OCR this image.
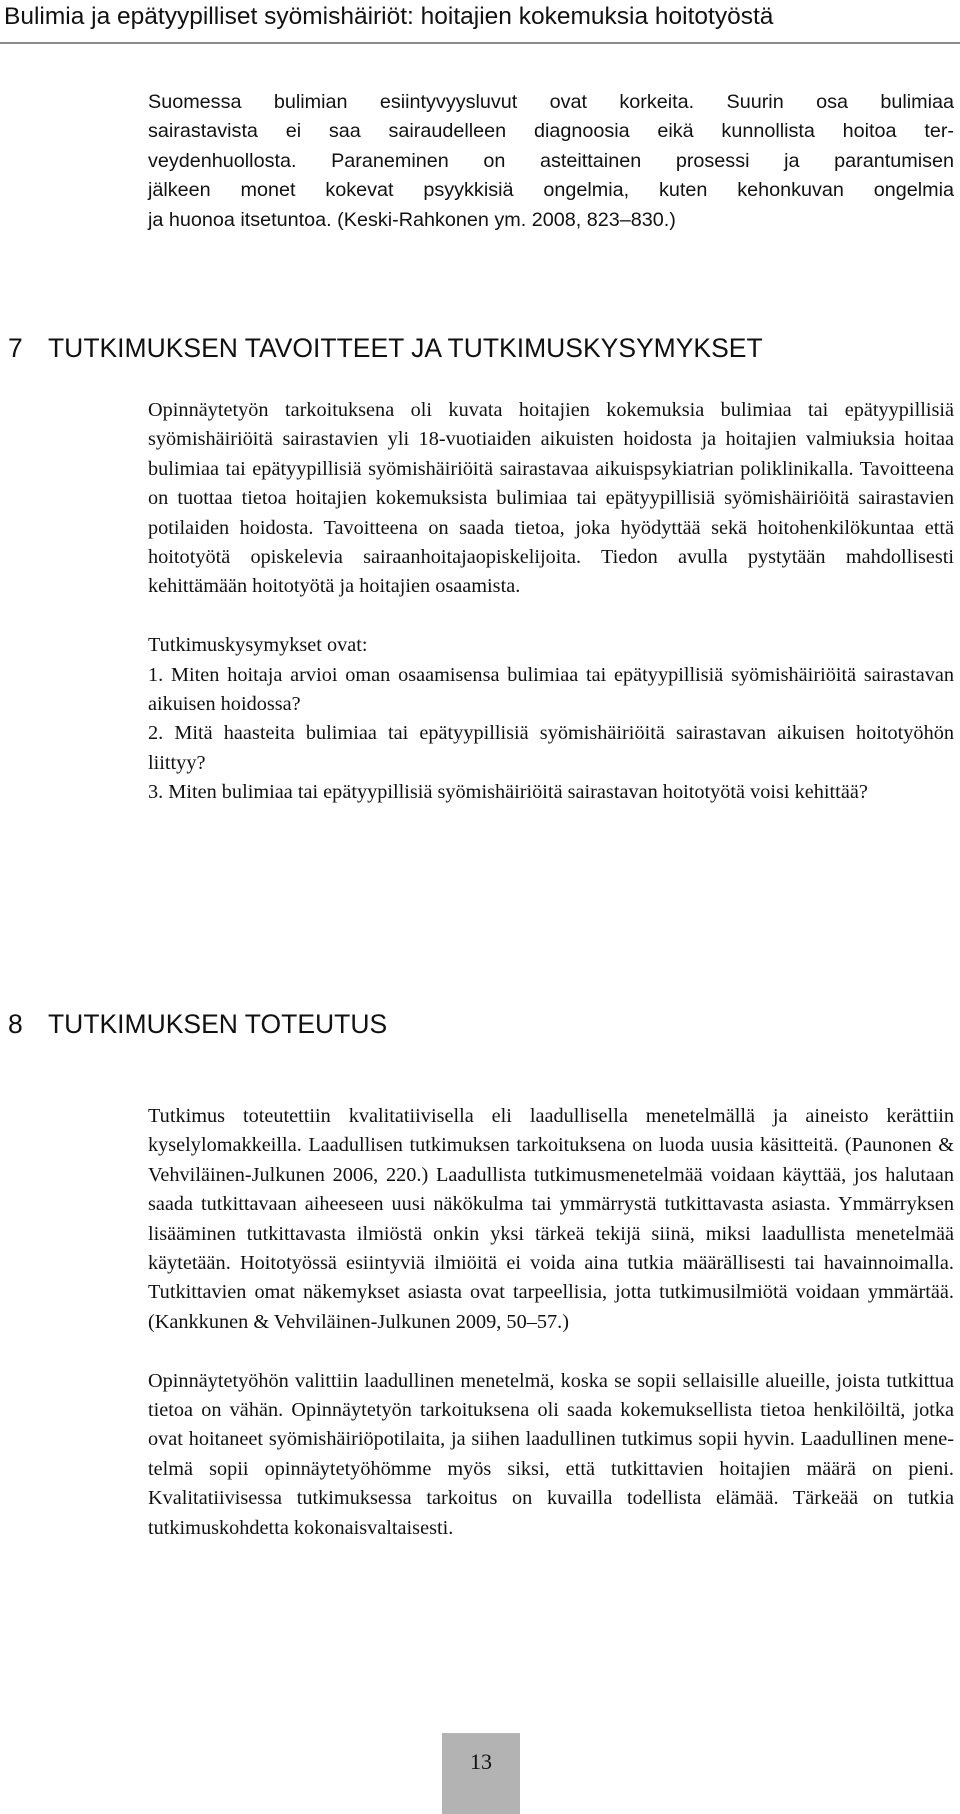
Bulimia ja epätyypilliset syömishäiriöt: hoitajien kokemuksia hoitotyöstä

Suomessa bulimian esiintyvyysluvut ovat korkeita. Suurin osa bulimiaa

sairastavista ei saa sairaudelleen diagnoosia eikä kunnollista hoitoa ter-

veydenhuollosta. Paraneminen on asteittainen prosessi ja parantumisen

jälkeen monet kokevat psyykkisiä ongelmia, kuten kehonkuvan ongelmia

ja huonoa itsetuntoa. (Keski-Rahkonen ym. 2008, 823–830.)

7 TUTKIMUKSEN TAVOITTEET JA TUTKIMUSKYSYMYKSET

Opinnäytetyön tarkoituksena oli kuvata hoitajien kokemuksia bulimiaa tai epätyypillisiä syömishäiriöitä sairastavien yli 18-vuotiaiden aikuisten hoidosta ja hoitajien valmiuksia hoitaa bulimiaa tai epätyypillisiä syömishäiriöitä sairastavaa aikuispsykiatrian poliklinikalla. Tavoitteena on tuottaa tietoa hoitajien kokemuksista bulimiaa tai epätyypillisiä syömishäiriöitä sairastavien potilaiden hoidosta. Tavoitteena on saada tietoa, joka hyödyttää sekä hoitohenkilökuntaa että hoitotyötä opiskelevia sairaanhoitajaopiskelijoita. Tiedon avulla pystytään mahdollisesti kehittämään hoitotyötä ja hoitajien osaamista.

Tutkimuskysymykset ovat:

1. Miten hoitaja arvioi oman osaamisensa bulimiaa tai epätyypillisiä syömishäiriöitä sairastavan aikuisen hoidossa?

2. Mitä haasteita bulimiaa tai epätyypillisiä syömishäiriöitä sairastavan aikuisen hoitotyöhön liittyy?

3. Miten bulimiaa tai epätyypillisiä syömishäiriöitä sairastavan hoitotyötä voisi kehittää?

8 TUTKIMUKSEN TOTEUTUS

Tutkimus toteutettiin kvalitatiivisella eli laadullisella menetelmällä ja aineisto kerättiin kyselylomakkeilla. Laadullisen tutkimuksen tarkoituksena on luoda uusia käsitteitä. (Paunonen & Vehviläinen-Julkunen 2006, 220.) Laadullista tutkimusmenetelmää voidaan käyttää, jos halutaan saada tutkittavaan aiheeseen uusi näkökulma tai ymmärrystä tutkittavasta asiasta. Ymmärryksen lisääminen tutkittavasta ilmiöstä onkin yksi tärkeä tekijä siinä, miksi laadullista menetelmää käytetään. Hoitotyössä esiintyviä ilmiöitä ei voida aina tutkia määrällisesti tai havainnoimalla. Tutkittavien omat näkemykset asiasta ovat tarpeellisia, jotta tutkimusilmiötä voidaan ymmärtää. (Kankkunen & Vehviläinen-Julkunen 2009, 50–57.)

Opinnäytetyöhön valittiin laadullinen menetelmä, koska se sopii sellaisille alueille, joista tutkittua tietoa on vähän. Opinnäytetyön tarkoituksena oli saada kokemuksellista tietoa henkilöiltä, jotka ovat hoitaneet syömishäiriöpotilaita, ja siihen laadullinen tutkimus sopii hyvin. Laadullinen menetelmä sopii opinnäytetyöhömme myös siksi, että tutkittavien hoitajien määrä on pieni. Kvalitatiivisessa tutkimuksessa tarkoitus on kuvailla todellista elämää. Tärkeää on tutkia tutkimuskohdetta kokonaisvaltaisesti.

13
